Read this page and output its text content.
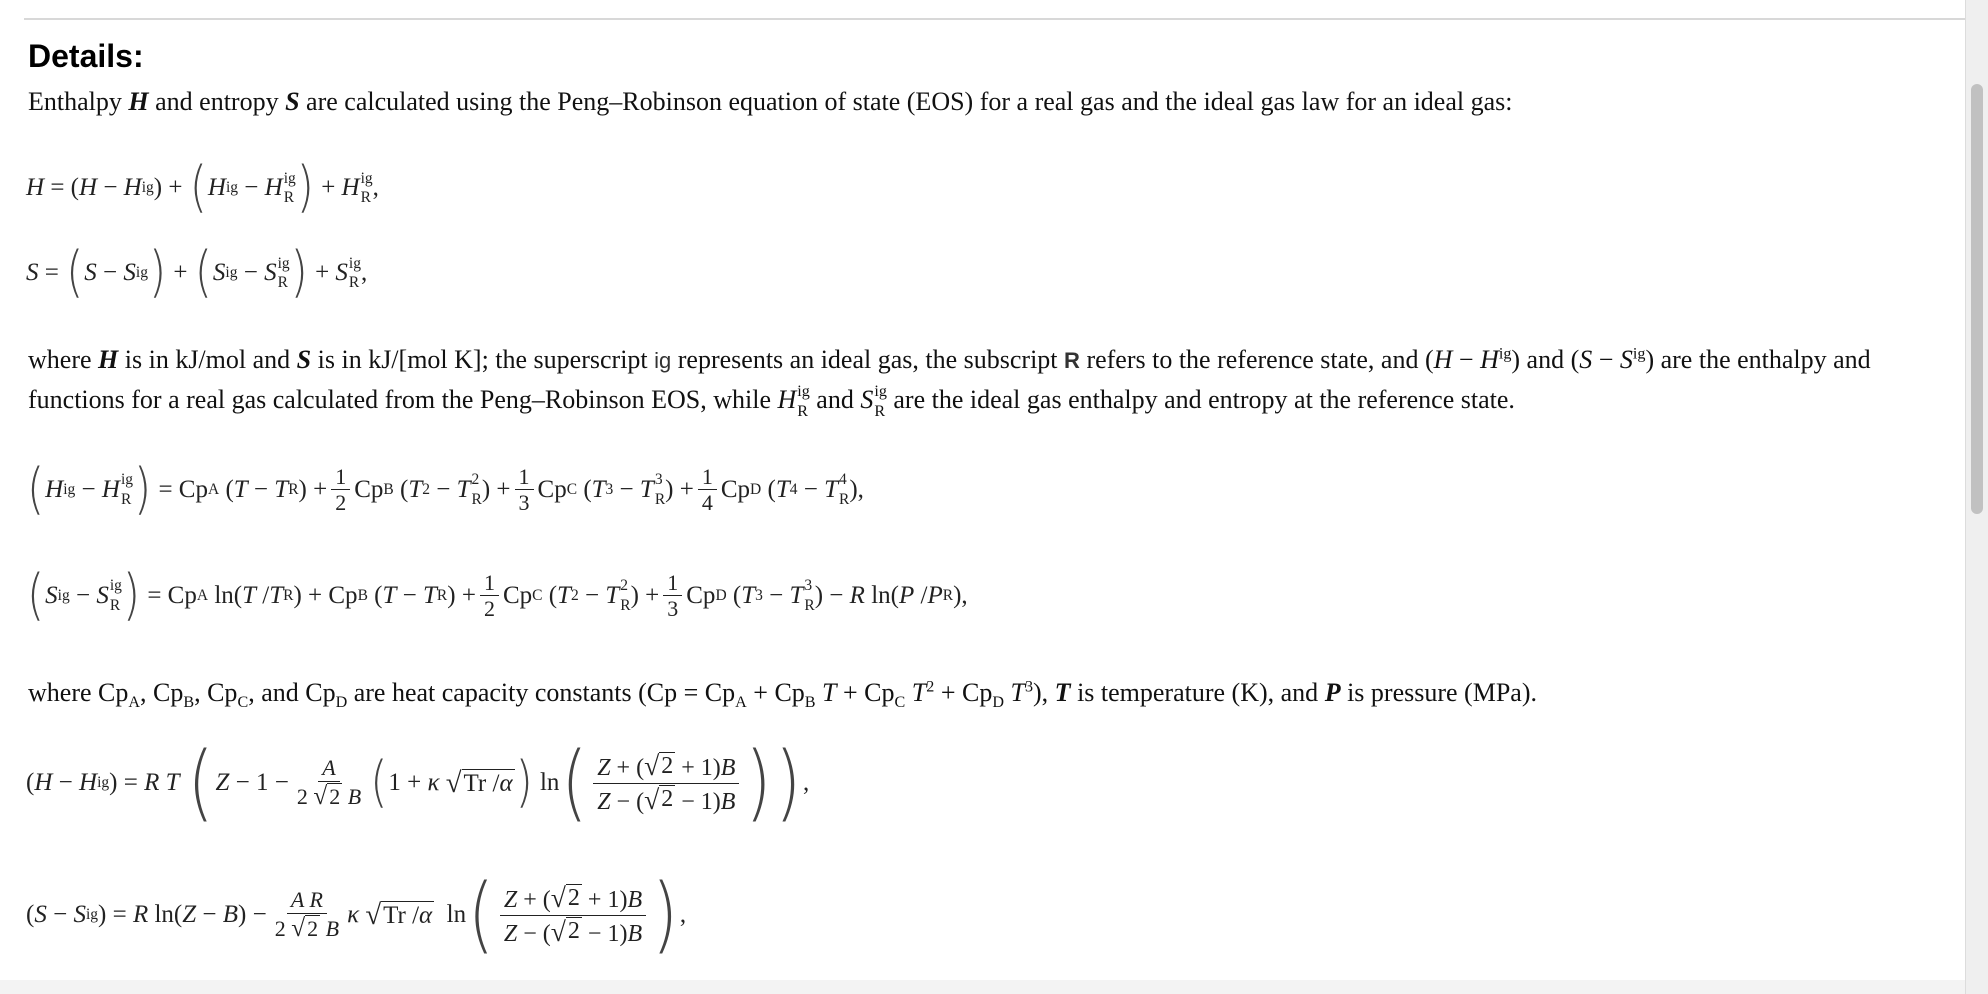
Details:

Enthalpy H and entropy S are calculated using the Peng–Robinson equation of state (EOS) for a real gas and the ideal gas law for an ideal gas:

H = ( H − H ig ) + ( H ig − H ig
R ) + H ig
R ,
S = ( S − S ig ) + ( S ig − S ig
R ) + S ig
R ,

where H is in kJ/mol and S is in kJ/[mol K]; the superscript ig represents an ideal gas, the subscript R refers to the reference state, and $(H - H^{ig})$ and $(S - S^{ig})$ are the enthalpy and

functions for a real gas calculated from the Peng–Robinson EOS, while H ig
R and S ig
R are the ideal gas enthalpy and entropy at the reference state.

( H ig − H ig
R ) = Cp A ( T − T R ) + $\frac{1}{2}$ Cp B ( T 2 − T 2
R ) + $\frac{1}{3}$ Cp C ( T 3 − T 3
R ) + $\frac{1}{4}$ Cp D ( T 4 − T 4
R ),
( S ig − S ig
R ) = Cp A ln( T / T R ) + Cp B ( T − T R ) + $\frac{1}{2}$ Cp C ( T 2 − T 2
R ) + $\frac{1}{3}$ Cp D ( T 3 − T 3
R ) − R ln( P / P R ),

where $Cp_A$, $Cp_B$, $Cp_C$, and $Cp_D$ are heat capacity constants ($Cp = Cp_A + Cp_B$ $T + Cp_C$ $T^2 + Cp_D$ $T^3$), T is temperature (K), and P is pressure (MPa).

( H − H ig ) = R T
( $Z - 1 - \frac{A}{2 √ 2 B}$ ( 1 + κ
√ Tr /α ) ln ( $\frac{Z + ( √ 2 + 1)B}{Z - ( √ 2 - 1)B}$ ) ) ,
( S − S ig ) = R ln( Z − B ) − $\frac{\text{A R}}{2 √ 2 B}$ κ
√ Tr /α ln ( $\frac{Z + ( √ 2 + 1)B}{Z - ( √ 2 - 1)B}$ ) ,
